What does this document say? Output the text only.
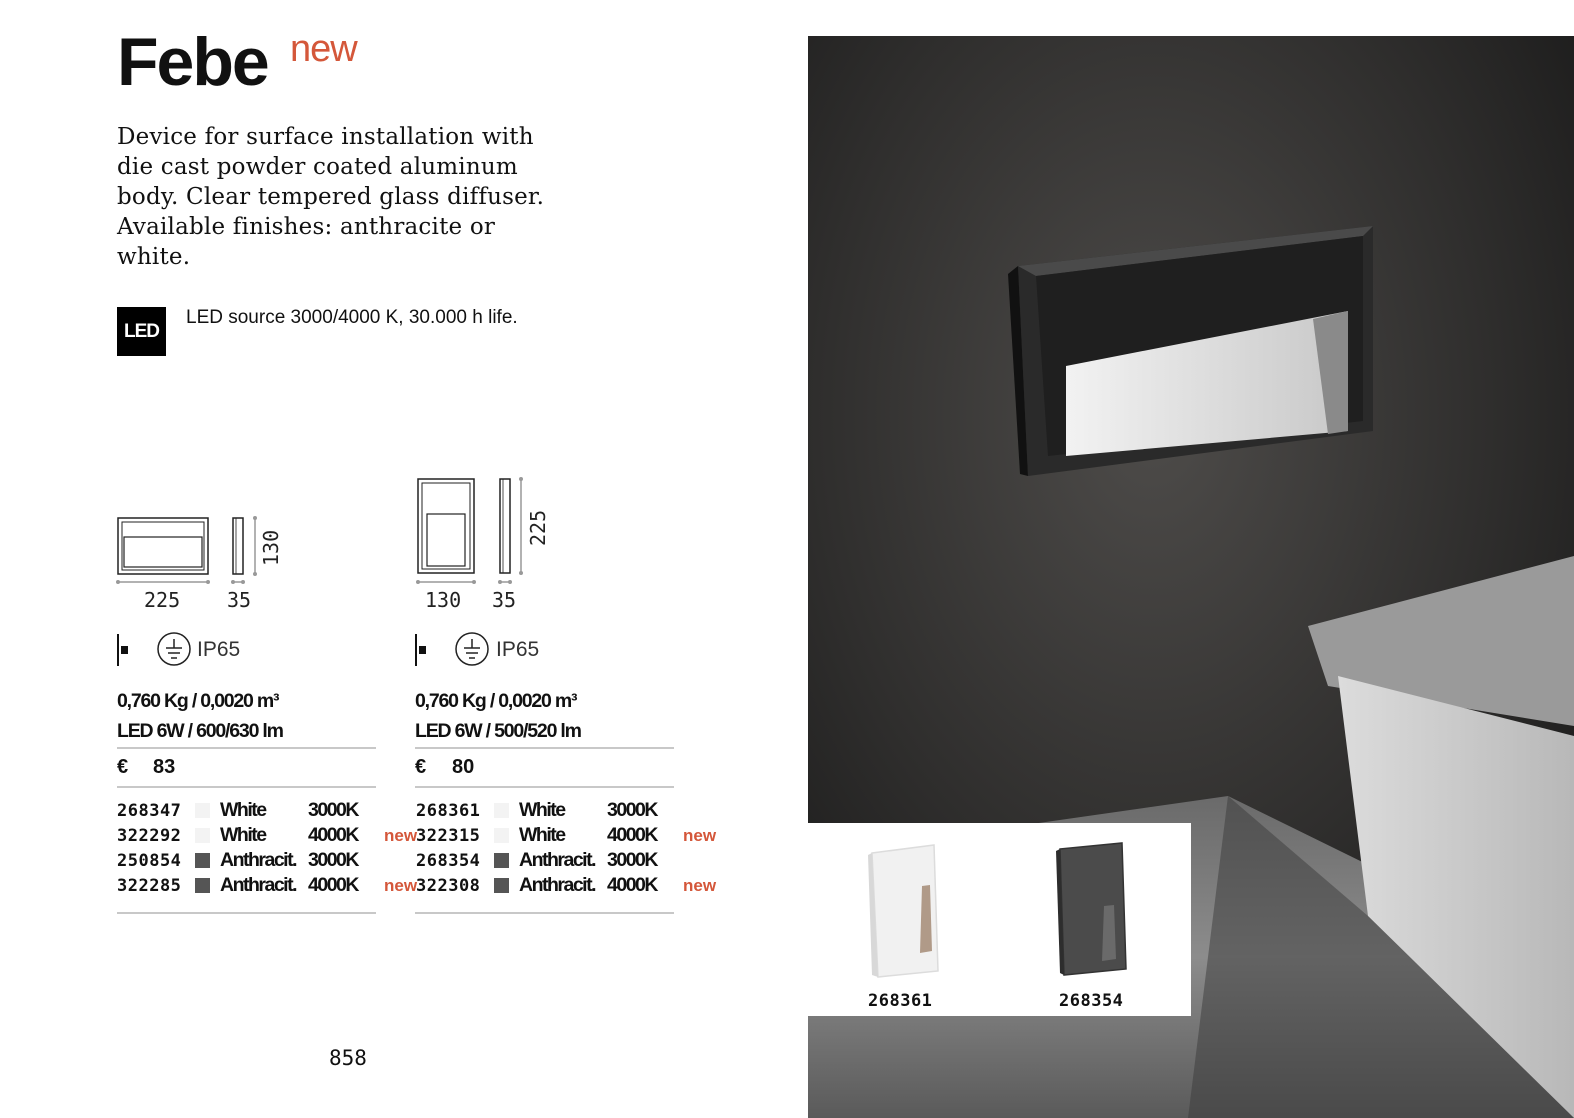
Febe new
Device for surface installation with die cast powder coated aluminum body. Clear tempered glass diffuser. Available finishes: anthracite or white.
LED
LED source 3000/4000 K, 30.000 h life.
225 35
130
130 35
225
IP65	IP65
0,760 Kg / 0,0020 m³
LED 6W / 600/630 lm
€ 83
268347	White	3000K
322292	White	4000K	new
250854	Anthracit. 3000K
322285	Anthracit. 4000K	new
0,760 Kg / 0,0020 m³
LED 6W / 500/520 lm
€ 80
268361	White	3000K
322315	White	4000K	new
268354	Anthracit. 3000K
322308	Anthracit. 4000K	new
268361	268354
858
